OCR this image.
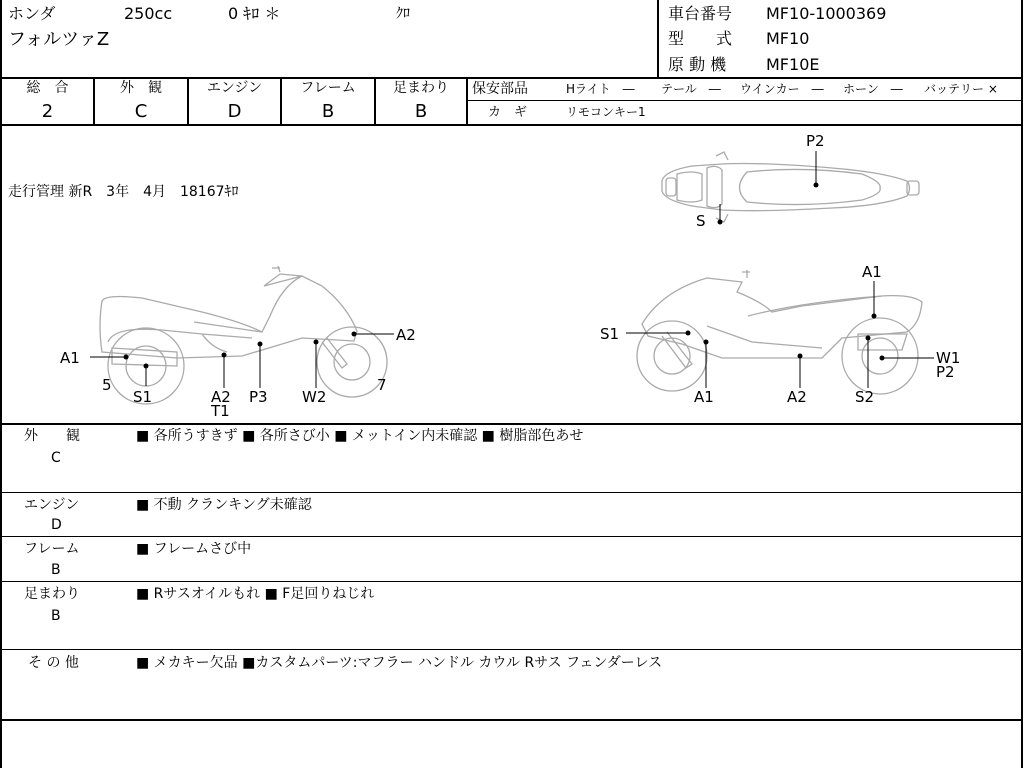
ホンダ	250cc	0 ｷﾛ ＊	ｸﾛ
フォルツァZ
車台番号 MF10-1000369
型　　式 MF10
原 動 機 MF10E
総　合
2
外　観
C
エンジン
D
フレーム
B
足まわり
B
保安部品	Hライト　― テール　― ウインカー　― ホーン　― バッテリー ×
カ　ギ	リモコンキー1
走行管理 新R　3年　4月　18167ｷﾛ
P2
S
A1
A2
5
S1	A2
T1
P3 W2
7
A1
S1
W1
P2
A1	A2	S2
外　　観
C
■ 各所うすきず ■ 各所さび小 ■ メットイン内未確認 ■ 樹脂部色あせ
エンジン
D
■ 不動 クランキング未確認
フレーム
B
■ フレームさび中
足まわり
B
■ Rサスオイルもれ ■ F足回りねじれ
そ の 他	■ メカキー欠品 ■カスタムパーツ:マフラー ハンドル カウル Rサス フェンダーレス
